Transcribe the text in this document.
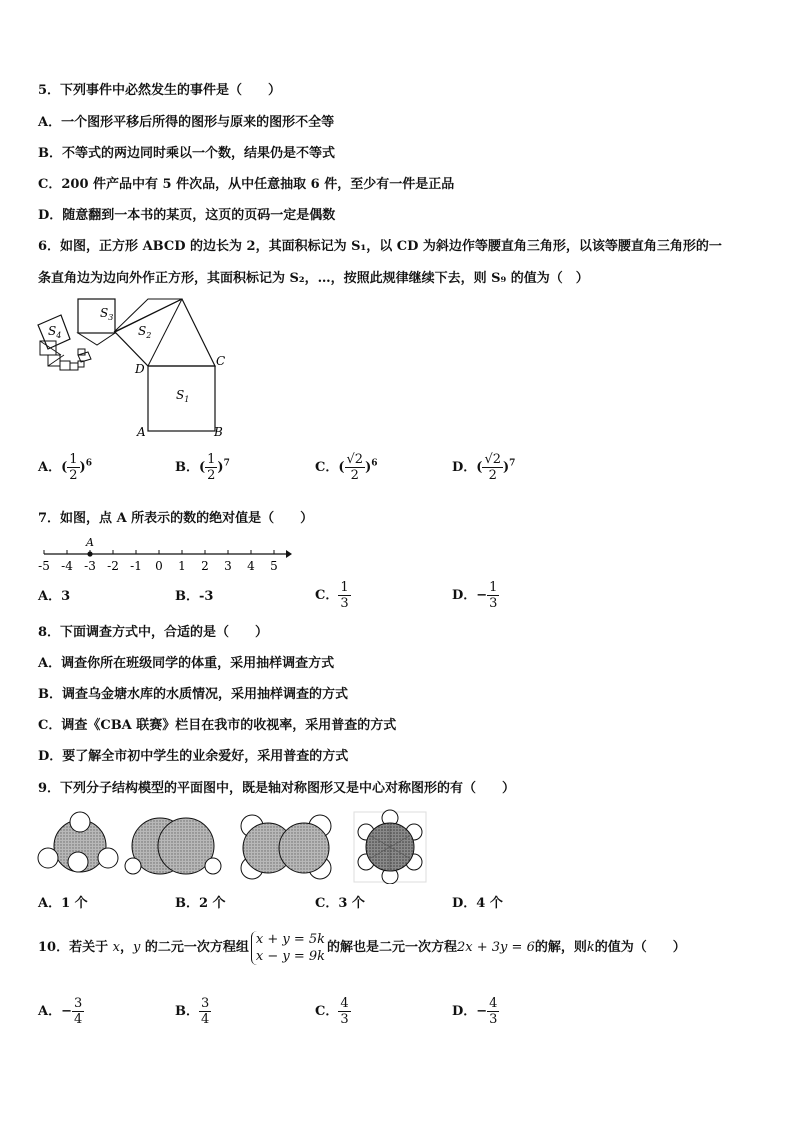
5．下列事件中必然发生的事件是（　　）
A．一个图形平移后所得的图形与原来的图形不全等
B．不等式的两边同时乘以一个数，结果仍是不等式
C．200 件产品中有 5 件次品，从中任意抽取 6 件，至少有一件是正品
D．随意翻到一本书的某页，这页的页码一定是偶数
6．如图，正方形 ABCD 的边长为 2，其面积标记为 S₁，以 CD 为斜边作等腰直角三角形，以该等腰直角三角形的一
条直角边为边向外作正方形，其面积标记为 S₂，…，按照此规律继续下去，则 S₉ 的值为（　）
$S_3$
$S_2$
$S_4$
$S_1$
D
C
A	B
A．( $\frac{1}{2} )^6$	B．( $\frac{1}{2} )^7$	C．( $\frac{√2}{2} )^6$	D．( $\frac{√2}{2} )^7$
7．如图，点 A 所表示的数的绝对值是（　　）
-5 -4 -3 -2 -1 0 1 2 3 4 5
A
A．3	B．-3	C． $\frac{1}{3}$	D．− $\frac{1}{3}$
8．下面调查方式中，合适的是（　　）
A．调查你所在班级同学的体重，采用抽样调查方式
B．调查乌金塘水库的水质情况，采用抽样调查的方式
C．调查《CBA 联赛》栏目在我市的收视率，采用普查的方式
D．要了解全市初中学生的业余爱好，采用普查的方式
9．下列分子结构模型的平面图中，既是轴对称图形又是中心对称图形的有（　　）
A．1 个	B．2 个	C．3 个	D．4 个
10．若关于 x，y 的二元一次方程组
x + y = 5k
x − y = 9k
的解也是二元一次方程2x + 3y = 6的解，则k的值为（　　）
A．− $\frac{3}{4}$	B． $\frac{3}{4}$	C． $\frac{4}{3}$	D．− $\frac{4}{3}$
